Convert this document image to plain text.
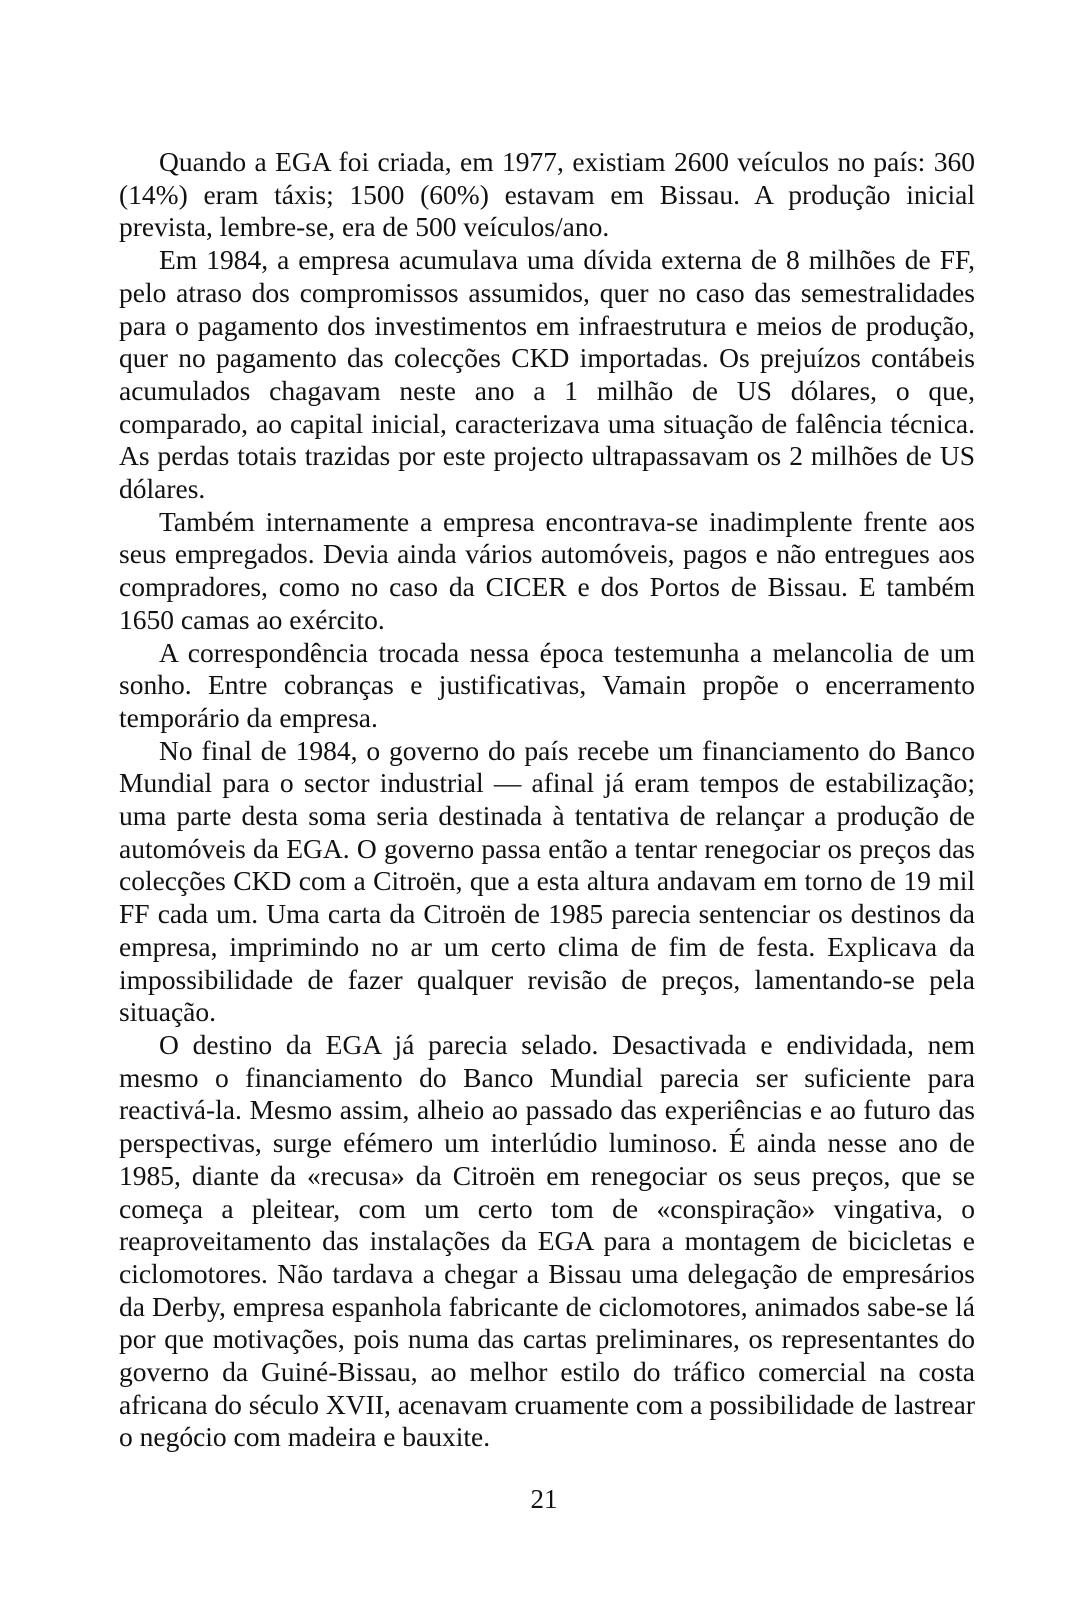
Quando a EGA foi criada, em 1977, existiam 2600 veículos no país: 360 (14%) eram táxis; 1500 (60%) estavam em Bissau. A produção inicial prevista, lembre-se, era de 500 veículos/ano.

Em 1984, a empresa acumulava uma dívida externa de 8 milhões de FF, pelo atraso dos compromissos assumidos, quer no caso das semestralidades para o pagamento dos investimentos em infraestrutura e meios de produção, quer no pagamento das colecções CKD importadas. Os prejuízos contábeis acumulados chagavam neste ano a 1 milhão de US dólares, o que, comparado, ao capital inicial, caracterizava uma situação de falência técnica. As perdas totais trazidas por este projecto ultrapassavam os 2 milhões de US dólares.

Também internamente a empresa encontrava-se inadimplente frente aos seus empregados. Devia ainda vários automóveis, pagos e não entregues aos compradores, como no caso da CICER e dos Portos de Bissau. E também 1650 camas ao exército.

A correspondência trocada nessa época testemunha a melancolia de um sonho. Entre cobranças e justificativas, Vamain propõe o encerramento temporário da empresa.

No final de 1984, o governo do país recebe um financiamento do Banco Mundial para o sector industrial — afinal já eram tempos de estabilização; uma parte desta soma seria destinada à tentativa de relançar a produção de automóveis da EGA. O governo passa então a tentar renegociar os preços das colecções CKD com a Citroën, que a esta altura andavam em torno de 19 mil FF cada um. Uma carta da Citroën de 1985 parecia sentenciar os destinos da empresa, imprimindo no ar um certo clima de fim de festa. Explicava da impossibilidade de fazer qualquer revisão de preços, lamentando-se pela situação.

O destino da EGA já parecia selado. Desactivada e endividada, nem mesmo o financiamento do Banco Mundial parecia ser suficiente para reactivá-la. Mesmo assim, alheio ao passado das experiências e ao futuro das perspectivas, surge efémero um interlúdio luminoso. É ainda nesse ano de 1985, diante da «recusa» da Citroën em renegociar os seus preços, que se começa a pleitear, com um certo tom de «conspiração» vingativa, o reaproveitamento das instalações da EGA para a montagem de bicicletas e ciclomotores. Não tardava a chegar a Bissau uma delegação de empresários da Derby, empresa espanhola fabricante de ciclomotores, animados sabe-se lá por que motivações, pois numa das cartas preliminares, os representantes do governo da Guiné-Bissau, ao melhor estilo do tráfico comercial na costa africana do século XVII, acenavam cruamente com a possibilidade de lastrear o negócio com madeira e bauxite.

21
